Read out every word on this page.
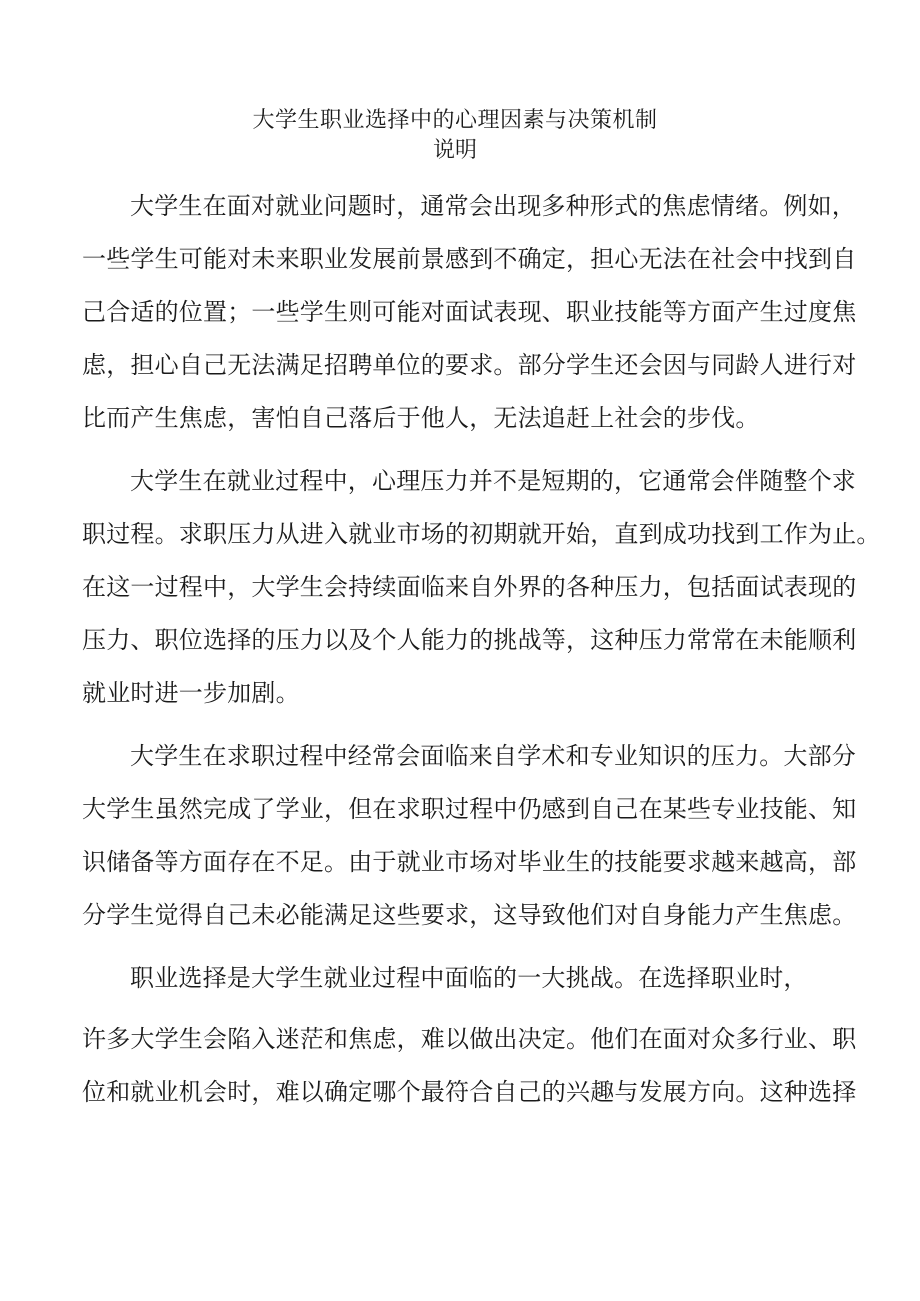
大学生职业选择中的心理因素与决策机制
说明
大学生在面对就业问题时，通常会出现多种形式的焦虑情绪。例如，
一些学生可能对未来职业发展前景感到不确定，担心无法在社会中找到自
己合适的位置；一些学生则可能对面试表现、职业技能等方面产生过度焦
虑，担心自己无法满足招聘单位的要求。部分学生还会因与同龄人进行对
比而产生焦虑，害怕自己落后于他人，无法追赶上社会的步伐。
大学生在就业过程中，心理压力并不是短期的，它通常会伴随整个求
职过程。求职压力从进入就业市场的初期就开始，直到成功找到工作为止。
在这一过程中，大学生会持续面临来自外界的各种压力，包括面试表现的
压力、职位选择的压力以及个人能力的挑战等，这种压力常常在未能顺利
就业时进一步加剧。
大学生在求职过程中经常会面临来自学术和专业知识的压力。大部分
大学生虽然完成了学业，但在求职过程中仍感到自己在某些专业技能、知
识储备等方面存在不足。由于就业市场对毕业生的技能要求越来越高，部
分学生觉得自己未必能满足这些要求，这导致他们对自身能力产生焦虑。
职业选择是大学生就业过程中面临的一大挑战。在选择职业时，
许多大学生会陷入迷茫和焦虑，难以做出决定。他们在面对众多行业、职
位和就业机会时，难以确定哪个最符合自己的兴趣与发展方向。这种选择
